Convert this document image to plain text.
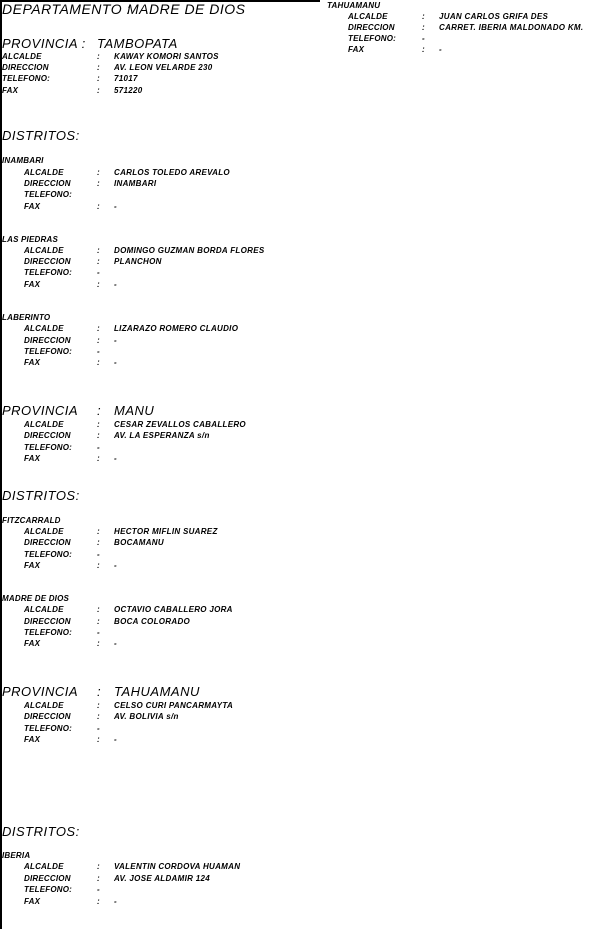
DEPARTAMENTO :
MADRE DE DIOS
PROVINCIA : TAMBOPATA
ALCALDE	: KAWAY KOMORI SANTOS
DIRECCION	: AV. LEON VELARDE 230
TELEFONO:	: 71017
FAX	: 571220
DISTRITOS:
INAMBARI
ALCALDE	: CARLOS TOLEDO AREVALO
DIRECCION	: INAMBARI
TELEFONO:
FAX	: -
LAS PIEDRAS
ALCALDE	: DOMINGO GUZMAN BORDA FLORES
DIRECCION	: PLANCHON
TELEFONO:	-
FAX	: -
LABERINTO
ALCALDE	: LIZARAZO ROMERO CLAUDIO
DIRECCION	: -
TELEFONO:	-
FAX	: -
PROVINCIA : MANU
ALCALDE	: CESAR ZEVALLOS CABALLERO
DIRECCION	: AV. LA ESPERANZA s/n
TELEFONO:	-
FAX	: -
DISTRITOS:
FITZCARRALD
ALCALDE	: HECTOR MIFLIN SUAREZ
DIRECCION	: BOCAMANU
TELEFONO:	-
FAX	: -
MADRE DE DIOS
ALCALDE	: OCTAVIO CABALLERO JORA
DIRECCION	: BOCA COLORADO
TELEFONO:	-
FAX	: -
PROVINCIA : TAHUAMANU
ALCALDE	: CELSO CURI PANCARMAYTA
DIRECCION	: AV. BOLIVIA s/n
TELEFONO:	-
FAX	: -
DISTRITOS:
IBERIA
ALCALDE	: VALENTIN CORDOVA HUAMAN
DIRECCION	: AV. JOSE ALDAMIR 124
TELEFONO:	-
FAX	: -
TAHUAMANU
ALCALDE	: JUAN CARLOS GRIFA DES
DIRECCION	: CARRET. IBERIA MALDONADO KM.
TELEFONO:	-
FAX	: -
